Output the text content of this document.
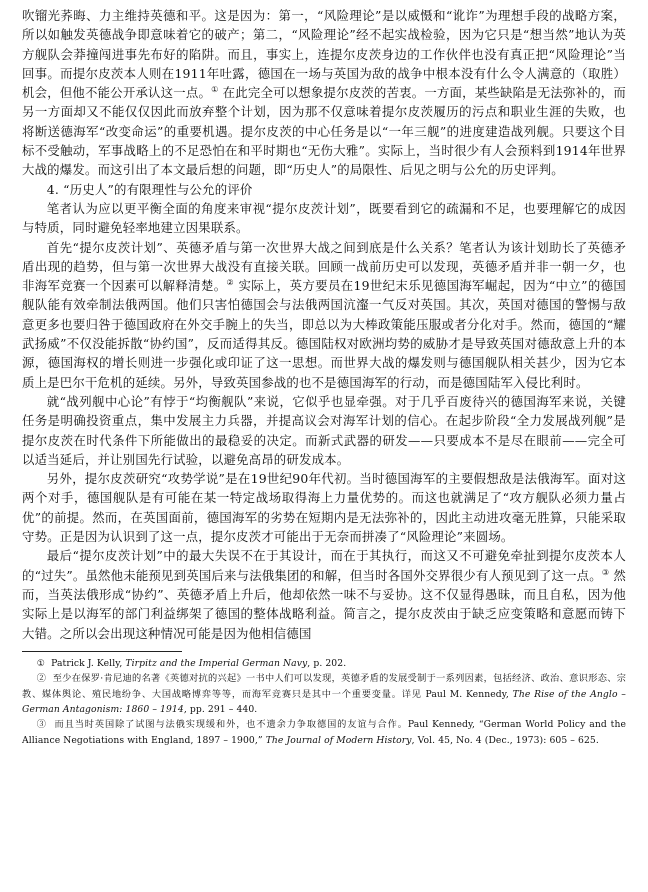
吹镏光荞晦、力主维持英德和平。这是因为：第一，“风险理论”是以威慑和“讹诈”为理想手段的战略方案，所以如触发英德战争即意味着它的破产；第二，“风险理论”经不起实战检验，因为它只是“想当然”地认为英方舰队会莽撞闯进事先布好的陷阱。而且，事实上，连提尔皮茨身边的工作伙伴也没有真正把“风险理论”当回事。而提尔皮茨本人则在1911年吐露，德国在一场与英国为敌的战争中根本没有什么令人满意的（取胜）机会，但他不能公开承认这一点。① 在此完全可以想象提尔皮茨的苦衷。一方面，某些缺陷是无法弥补的，而另一方面却又不能仅仅因此而放弃整个计划，因为那不仅意味着提尔皮茨履历的污点和职业生涯的失败，也将断送德海军“改变命运”的重要机遇。提尔皮茨的中心任务是以“一年三舰”的进度建造战列舰。只要这个目标不受触动，军事战略上的不足恐怕在和平时期也“无伤大雅”。实际上，当时很少有人会预料到1914年世界大战的爆发。而这引出了本文最后想的问题，即“历史人”的局限性、后见之明与公允的历史评判。

4. “历史人”的有限理性与公允的评价

笔者认为应以更平衡全面的角度来审视“提尔皮茨计划”，既要看到它的疏漏和不足，也要理解它的成因与特质，同时避免轻率地建立因果联系。

首先“提尔皮茨计划”、英德矛盾与第一次世界大战之间到底是什么关系？笔者认为该计划助长了英德矛盾出现的趋势，但与第一次世界大战没有直接关联。回顾一战前历史可以发现，英德矛盾并非一朝一夕，也非海军竞赛一个因素可以解释清楚。② 实际上，英方要员在19世纪末乐见德国海军崛起，因为“中立”的德国舰队能有效牵制法俄两国。他们只害怕德国会与法俄两国沆瀣一气反对英国。其次，英国对德国的警惕与敌意更多也要归咎于德国政府在外交手腕上的失当，即总以为大棒政策能压服或者分化对手。然而，德国的“耀武扬威”不仅没能拆散“协约国”，反而适得其反。德国陆权对欧洲均势的威胁才是导致英国对德敌意上升的本源，德国海权的增长则进一步强化或印证了这一思想。而世界大战的爆发则与德国舰队相关甚少，因为它本质上是巴尔干危机的延续。另外，导致英国参战的也不是德国海军的行动，而是德国陆军入侵比利时。

就“战列舰中心论”有悖于“均衡舰队”来说，它似乎也显牵强。对于几乎百废待兴的德国海军来说，关键任务是明确投资重点，集中发展主力兵器，并提高议会对海军计划的信心。在起步阶段“全力发展战列舰”是提尔皮茨在时代条件下所能做出的最稳妥的决定。而新式武器的研发——只要成本不是尽在眼前——完全可以适当延后，并让别国先行试验，以避免高昂的研发成本。

另外，提尔皮茨研究“攻势学说”是在19世纪90年代初。当时德国海军的主要假想敌是法俄海军。面对这两个对手，德国舰队是有可能在某一特定战场取得海上力量优势的。而这也就满足了“攻方舰队必须力量占优”的前提。然而，在英国面前，德国海军的劣势在短期内是无法弥补的，因此主动进攻毫无胜算，只能采取守势。正是因为认识到了这一点，提尔皮茨才可能出于无奈而拼凑了“风险理论”来圆场。

最后“提尔皮茨计划”中的最大失误不在于其设计，而在于其执行，而这又不可避免牵扯到提尔皮茨本人的“过失”。虽然他未能预见到英国后来与法俄集团的和解，但当时各国外交界很少有人预见到了这一点。③ 然而，当英法俄形成“协约”、英德矛盾上升后，他却依然一味不与妥协。这不仅显得愚昧，而且自私，因为他实际上是以海军的部门利益绑架了德国的整体战略利益。简言之，提尔皮茨由于缺乏应变策略和意愿而铸下大错。之所以会出现这种情况可能是因为他相信德国

① Patrick J. Kelly, Tirpitz and the Imperial German Navy, p. 202.

② 至少在保罗·肯尼迪的名著《英德对抗的兴起》一书中人们可以发现，英德矛盾的发展受制于一系列因素，包括经济、政治、意识形态、宗教、媒体舆论、殖民地纷争、大国战略博弈等等，而海军竞赛只是其中一个重要变量。详见 Paul M. Kennedy, The Rise of the Anglo – German Antagonism: 1860 – 1914, pp. 291 – 440.

③ 而且当时英国除了试图与法俄实现缓和外，也不遗余力争取德国的友谊与合作。Paul Kennedy, “German World Policy and the Alliance Negotiations with England, 1897 – 1900,” The Journal of Modern History, Vol. 45, No. 4 (Dec., 1973): 605 – 625.
